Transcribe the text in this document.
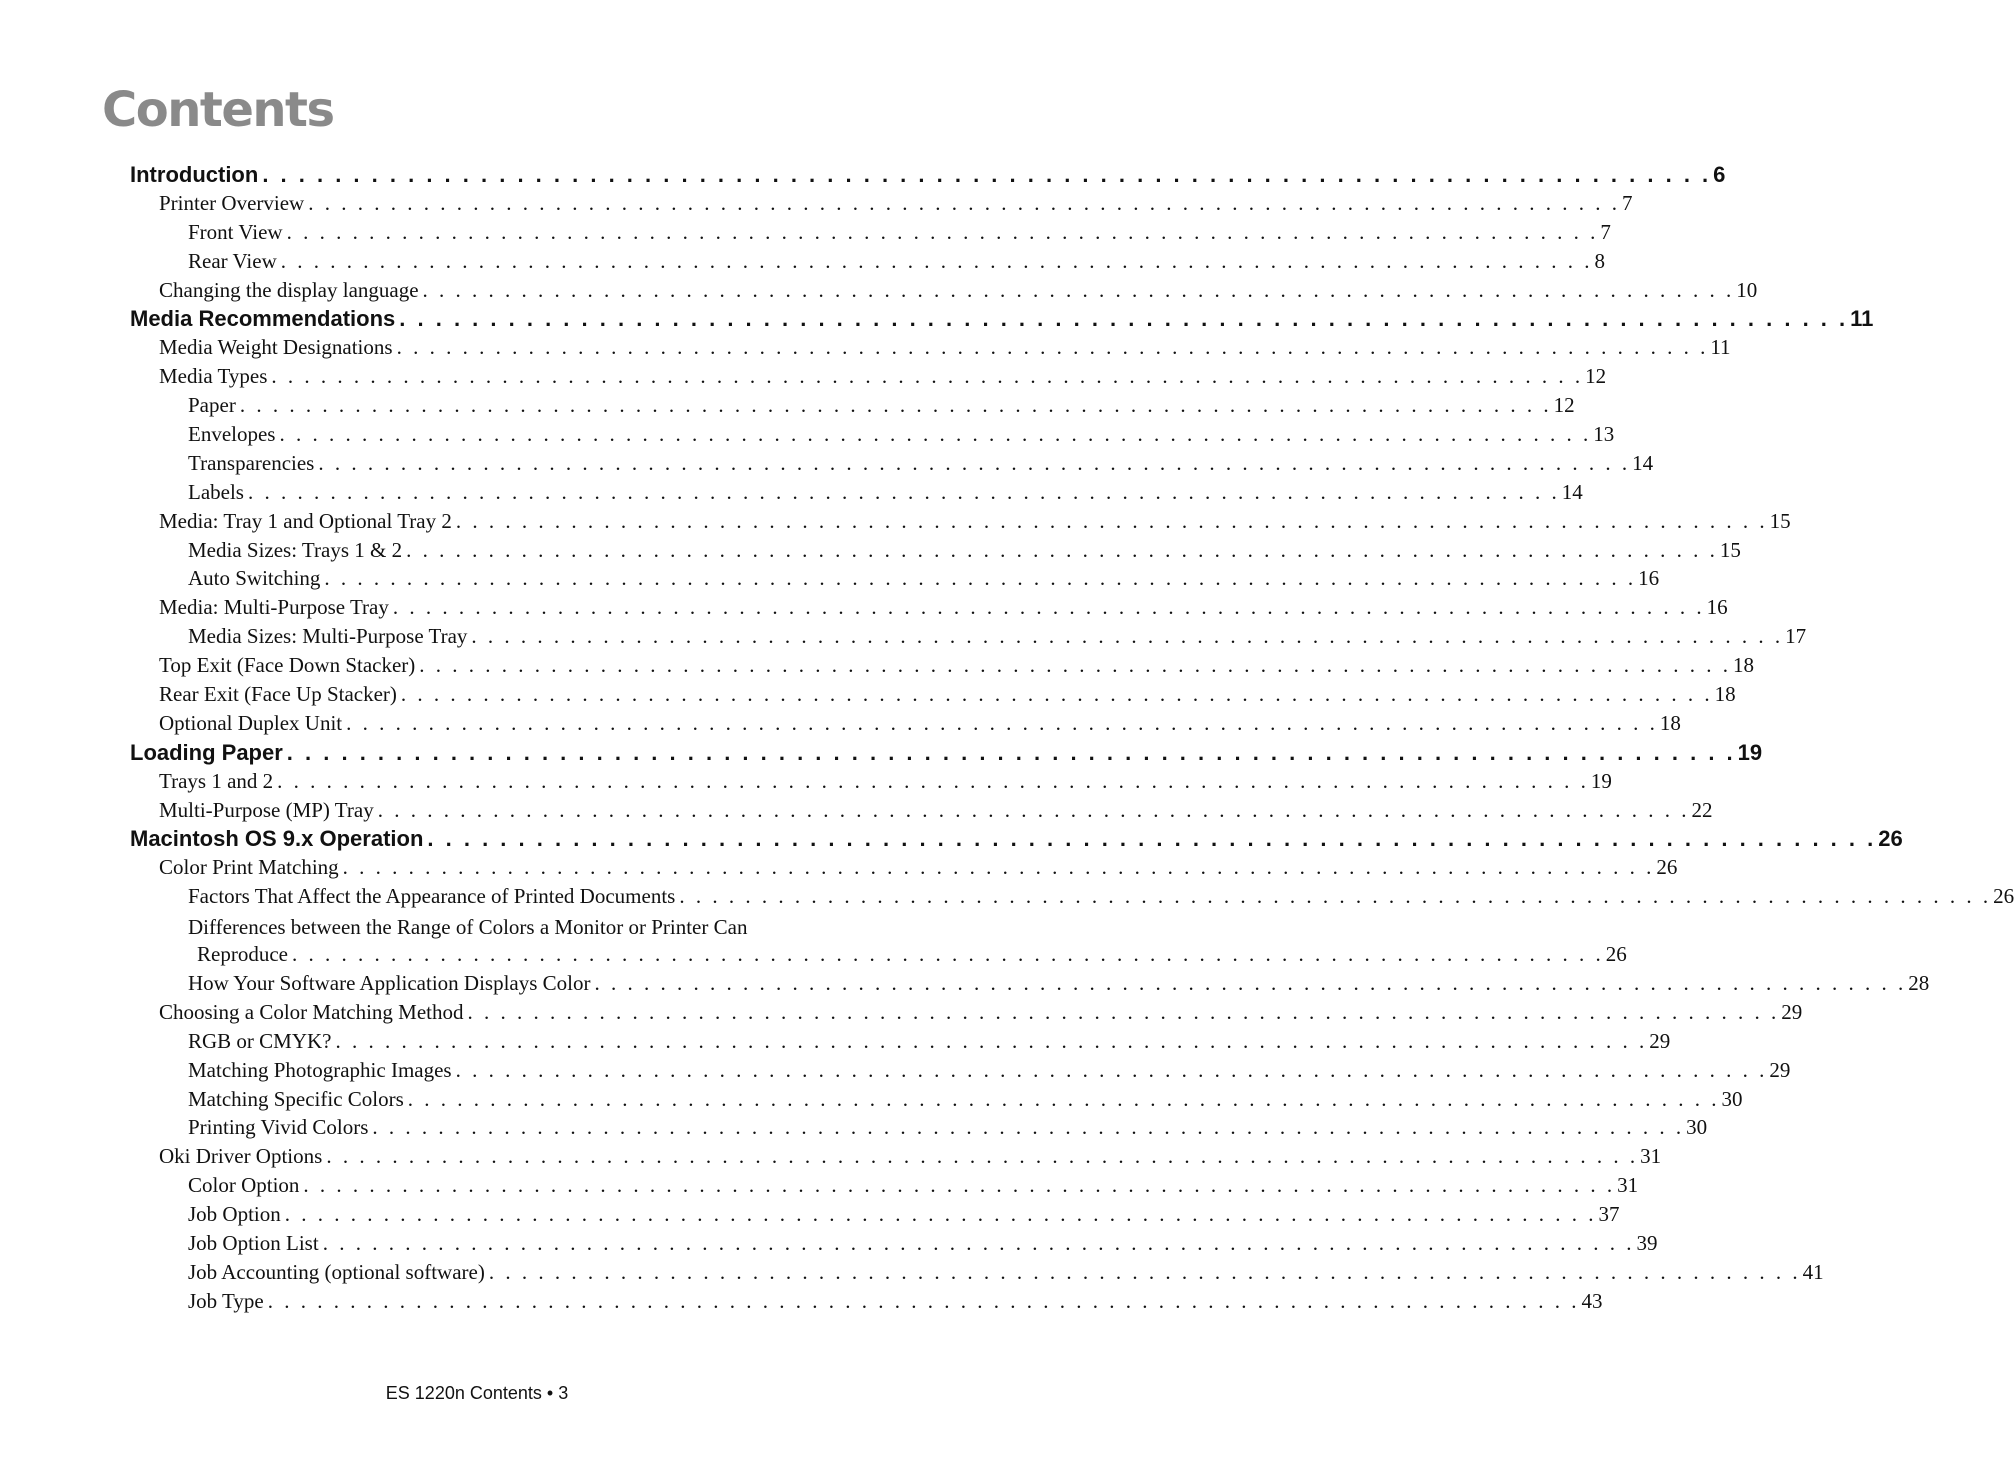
Contents
Introduction . . . . . . . . . . . . . . . . . . . . . . . . . . . . . . . . . . . . . . . . . . . . . . . . . . . . . . . . . . . . . . . . . . . . . . . . . . . . . . . . 6
Printer Overview . . . . . . . . . . . . . . . . . . . . . . . . . . . . . . . . . . . . . . . . . . . . . . . . . . . . . . . . . . . . . . . . . . . . . . . . . . . . . . . . 7
Front View . . . . . . . . . . . . . . . . . . . . . . . . . . . . . . . . . . . . . . . . . . . . . . . . . . . . . . . . . . . . . . . . . . . . . . . . . . . . . . . . 7
Rear View . . . . . . . . . . . . . . . . . . . . . . . . . . . . . . . . . . . . . . . . . . . . . . . . . . . . . . . . . . . . . . . . . . . . . . . . . . . . . . . . 8
Changing the display language . . . . . . . . . . . . . . . . . . . . . . . . . . . . . . . . . . . . . . . . . . . . . . . . . . . . . . . . . . . . . . . . . . . . . . . . . . . . . . . . 10
Media Recommendations . . . . . . . . . . . . . . . . . . . . . . . . . . . . . . . . . . . . . . . . . . . . . . . . . . . . . . . . . . . . . . . . . . . . . . . . . . . . . . . . 11
Media Weight Designations . . . . . . . . . . . . . . . . . . . . . . . . . . . . . . . . . . . . . . . . . . . . . . . . . . . . . . . . . . . . . . . . . . . . . . . . . . . . . . . . 11
Media Types . . . . . . . . . . . . . . . . . . . . . . . . . . . . . . . . . . . . . . . . . . . . . . . . . . . . . . . . . . . . . . . . . . . . . . . . . . . . . . . . 12
Paper . . . . . . . . . . . . . . . . . . . . . . . . . . . . . . . . . . . . . . . . . . . . . . . . . . . . . . . . . . . . . . . . . . . . . . . . . . . . . . . . 12
Envelopes . . . . . . . . . . . . . . . . . . . . . . . . . . . . . . . . . . . . . . . . . . . . . . . . . . . . . . . . . . . . . . . . . . . . . . . . . . . . . . . . 13
Transparencies . . . . . . . . . . . . . . . . . . . . . . . . . . . . . . . . . . . . . . . . . . . . . . . . . . . . . . . . . . . . . . . . . . . . . . . . . . . . . . . . 14
Labels . . . . . . . . . . . . . . . . . . . . . . . . . . . . . . . . . . . . . . . . . . . . . . . . . . . . . . . . . . . . . . . . . . . . . . . . . . . . . . . . 14
Media: Tray 1 and Optional Tray 2 . . . . . . . . . . . . . . . . . . . . . . . . . . . . . . . . . . . . . . . . . . . . . . . . . . . . . . . . . . . . . . . . . . . . . . . . . . . . . . . . 15
Media Sizes: Trays 1 & 2 . . . . . . . . . . . . . . . . . . . . . . . . . . . . . . . . . . . . . . . . . . . . . . . . . . . . . . . . . . . . . . . . . . . . . . . . . . . . . . . . 15
Auto Switching . . . . . . . . . . . . . . . . . . . . . . . . . . . . . . . . . . . . . . . . . . . . . . . . . . . . . . . . . . . . . . . . . . . . . . . . . . . . . . . . 16
Media: Multi-Purpose Tray . . . . . . . . . . . . . . . . . . . . . . . . . . . . . . . . . . . . . . . . . . . . . . . . . . . . . . . . . . . . . . . . . . . . . . . . . . . . . . . . 16
Media Sizes: Multi-Purpose Tray . . . . . . . . . . . . . . . . . . . . . . . . . . . . . . . . . . . . . . . . . . . . . . . . . . . . . . . . . . . . . . . . . . . . . . . . . . . . . . . . 17
Top Exit (Face Down Stacker) . . . . . . . . . . . . . . . . . . . . . . . . . . . . . . . . . . . . . . . . . . . . . . . . . . . . . . . . . . . . . . . . . . . . . . . . . . . . . . . . 18
Rear Exit (Face Up Stacker) . . . . . . . . . . . . . . . . . . . . . . . . . . . . . . . . . . . . . . . . . . . . . . . . . . . . . . . . . . . . . . . . . . . . . . . . . . . . . . . . 18
Optional Duplex Unit . . . . . . . . . . . . . . . . . . . . . . . . . . . . . . . . . . . . . . . . . . . . . . . . . . . . . . . . . . . . . . . . . . . . . . . . . . . . . . . . 18
Loading Paper . . . . . . . . . . . . . . . . . . . . . . . . . . . . . . . . . . . . . . . . . . . . . . . . . . . . . . . . . . . . . . . . . . . . . . . . . . . . . . . . 19
Trays 1 and 2 . . . . . . . . . . . . . . . . . . . . . . . . . . . . . . . . . . . . . . . . . . . . . . . . . . . . . . . . . . . . . . . . . . . . . . . . . . . . . . . . 19
Multi-Purpose (MP) Tray . . . . . . . . . . . . . . . . . . . . . . . . . . . . . . . . . . . . . . . . . . . . . . . . . . . . . . . . . . . . . . . . . . . . . . . . . . . . . . . . 22
Macintosh OS 9.x Operation . . . . . . . . . . . . . . . . . . . . . . . . . . . . . . . . . . . . . . . . . . . . . . . . . . . . . . . . . . . . . . . . . . . . . . . . . . . . . . . . 26
Color Print Matching . . . . . . . . . . . . . . . . . . . . . . . . . . . . . . . . . . . . . . . . . . . . . . . . . . . . . . . . . . . . . . . . . . . . . . . . . . . . . . . . 26
Factors That Affect the Appearance of Printed Documents . . . . . . . . . . . . . . . . . . . . . . . . . . . . . . . . . . . . . . . . . . . . . . . . . . . . . . . . . . . . . . . . . . . . . . . . . . . . . . . . 26
Differences between the Range of Colors a Monitor or Printer Can
Reproduce . . . . . . . . . . . . . . . . . . . . . . . . . . . . . . . . . . . . . . . . . . . . . . . . . . . . . . . . . . . . . . . . . . . . . . . . . . . . . . . . 26
How Your Software Application Displays Color . . . . . . . . . . . . . . . . . . . . . . . . . . . . . . . . . . . . . . . . . . . . . . . . . . . . . . . . . . . . . . . . . . . . . . . . . . . . . . . . 28
Choosing a Color Matching Method . . . . . . . . . . . . . . . . . . . . . . . . . . . . . . . . . . . . . . . . . . . . . . . . . . . . . . . . . . . . . . . . . . . . . . . . . . . . . . . . 29
RGB or CMYK? . . . . . . . . . . . . . . . . . . . . . . . . . . . . . . . . . . . . . . . . . . . . . . . . . . . . . . . . . . . . . . . . . . . . . . . . . . . . . . . . 29
Matching Photographic Images . . . . . . . . . . . . . . . . . . . . . . . . . . . . . . . . . . . . . . . . . . . . . . . . . . . . . . . . . . . . . . . . . . . . . . . . . . . . . . . . 29
Matching Specific Colors . . . . . . . . . . . . . . . . . . . . . . . . . . . . . . . . . . . . . . . . . . . . . . . . . . . . . . . . . . . . . . . . . . . . . . . . . . . . . . . . 30
Printing Vivid Colors . . . . . . . . . . . . . . . . . . . . . . . . . . . . . . . . . . . . . . . . . . . . . . . . . . . . . . . . . . . . . . . . . . . . . . . . . . . . . . . . 30
Oki Driver Options . . . . . . . . . . . . . . . . . . . . . . . . . . . . . . . . . . . . . . . . . . . . . . . . . . . . . . . . . . . . . . . . . . . . . . . . . . . . . . . . 31
Color Option . . . . . . . . . . . . . . . . . . . . . . . . . . . . . . . . . . . . . . . . . . . . . . . . . . . . . . . . . . . . . . . . . . . . . . . . . . . . . . . . 31
Job Option . . . . . . . . . . . . . . . . . . . . . . . . . . . . . . . . . . . . . . . . . . . . . . . . . . . . . . . . . . . . . . . . . . . . . . . . . . . . . . . . 37
Job Option List . . . . . . . . . . . . . . . . . . . . . . . . . . . . . . . . . . . . . . . . . . . . . . . . . . . . . . . . . . . . . . . . . . . . . . . . . . . . . . . . 39
Job Accounting (optional software) . . . . . . . . . . . . . . . . . . . . . . . . . . . . . . . . . . . . . . . . . . . . . . . . . . . . . . . . . . . . . . . . . . . . . . . . . . . . . . . . 41
Job Type . . . . . . . . . . . . . . . . . . . . . . . . . . . . . . . . . . . . . . . . . . . . . . . . . . . . . . . . . . . . . . . . . . . . . . . . . . . . . . . . 43
ES 1220n Contents • 3
